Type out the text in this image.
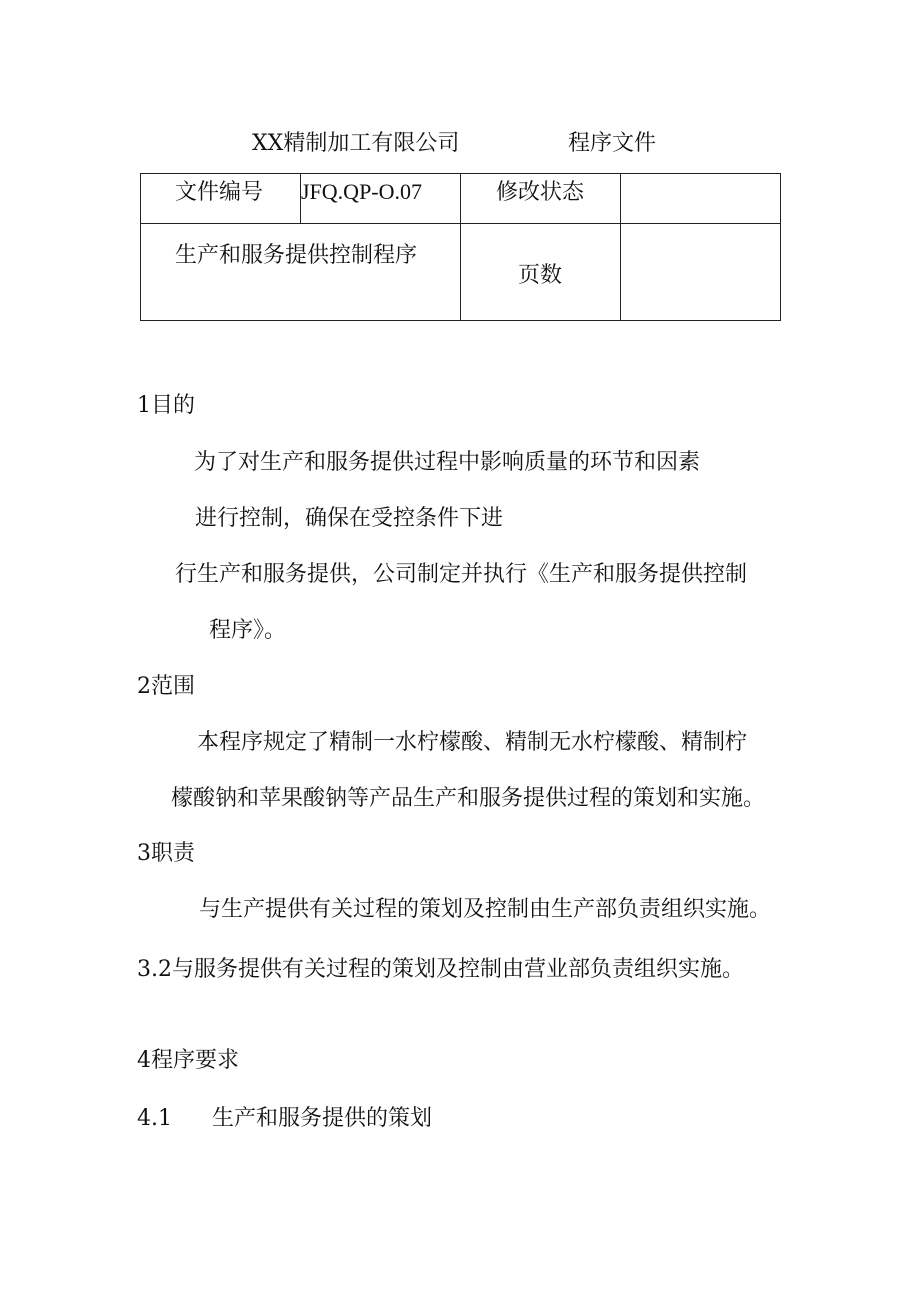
XX精制加工有限公司	程序文件
文件编号 JFQ.QP-O.07	修改状态
生产和服务提供控制程序
页数
1目的
为了对生产和服务提供过程中影响质量的环节和因素
进行控制，确保在受控条件下进
行生产和服务提供，公司制定并执行《生产和服务提供控制
程序》。
2范围
本程序规定了精制一水柠檬酸、精制无水柠檬酸、精制柠
檬酸钠和苹果酸钠等产品生产和服务提供过程的策划和实施。
3职责
与生产提供有关过程的策划及控制由生产部负责组织实施。
3.2与服务提供有关过程的策划及控制由营业部负责组织实施。
4程序要求
4.1 生产和服务提供的策划
